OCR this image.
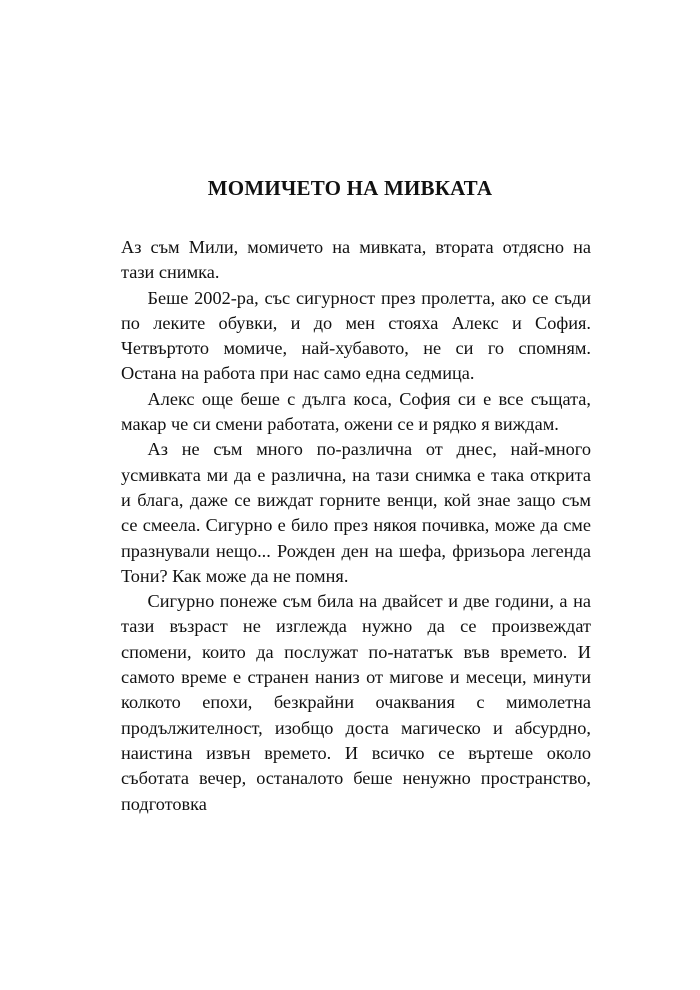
МОМИЧЕТО НА МИВКАТА

Аз съм Мили, момичето на мивката, втората отдясно на тази снимка.

Беше 2002-ра, със сигурност през пролетта, ако се съди по леките обувки, и до мен стояха Алекс и София. Четвъртото момиче, най-хубавото, не си го спомням. Остана на работа при нас само една седмица.

Алекс още беше с дълга коса, София си е все същата, макар че си смени работата, ожени се и рядко я виждам.

Аз не съм много по-различна от днес, най-много усмивката ми да е различна, на тази снимка е така открита и блага, даже се виждат горните венци, кой знае защо съм се смеела. Сигурно е било през някоя почивка, може да сме празнували нещо... Рожден ден на шефа, фризьора легенда Тони? Как може да не помня.

Сигурно понеже съм била на двайсет и две години, а на тази възраст не изглежда нужно да се произвеждат спомени, които да послужат по-нататък във времето. И самото време е странен наниз от мигове и месеци, минути колкото епохи, безкрайни очаквания с мимолетна продължителност, изобщо доста магическо и абсурдно, наистина извън времето. И всичко се въртеше около съботата вечер, останалото беше ненужно пространство, подготовка
